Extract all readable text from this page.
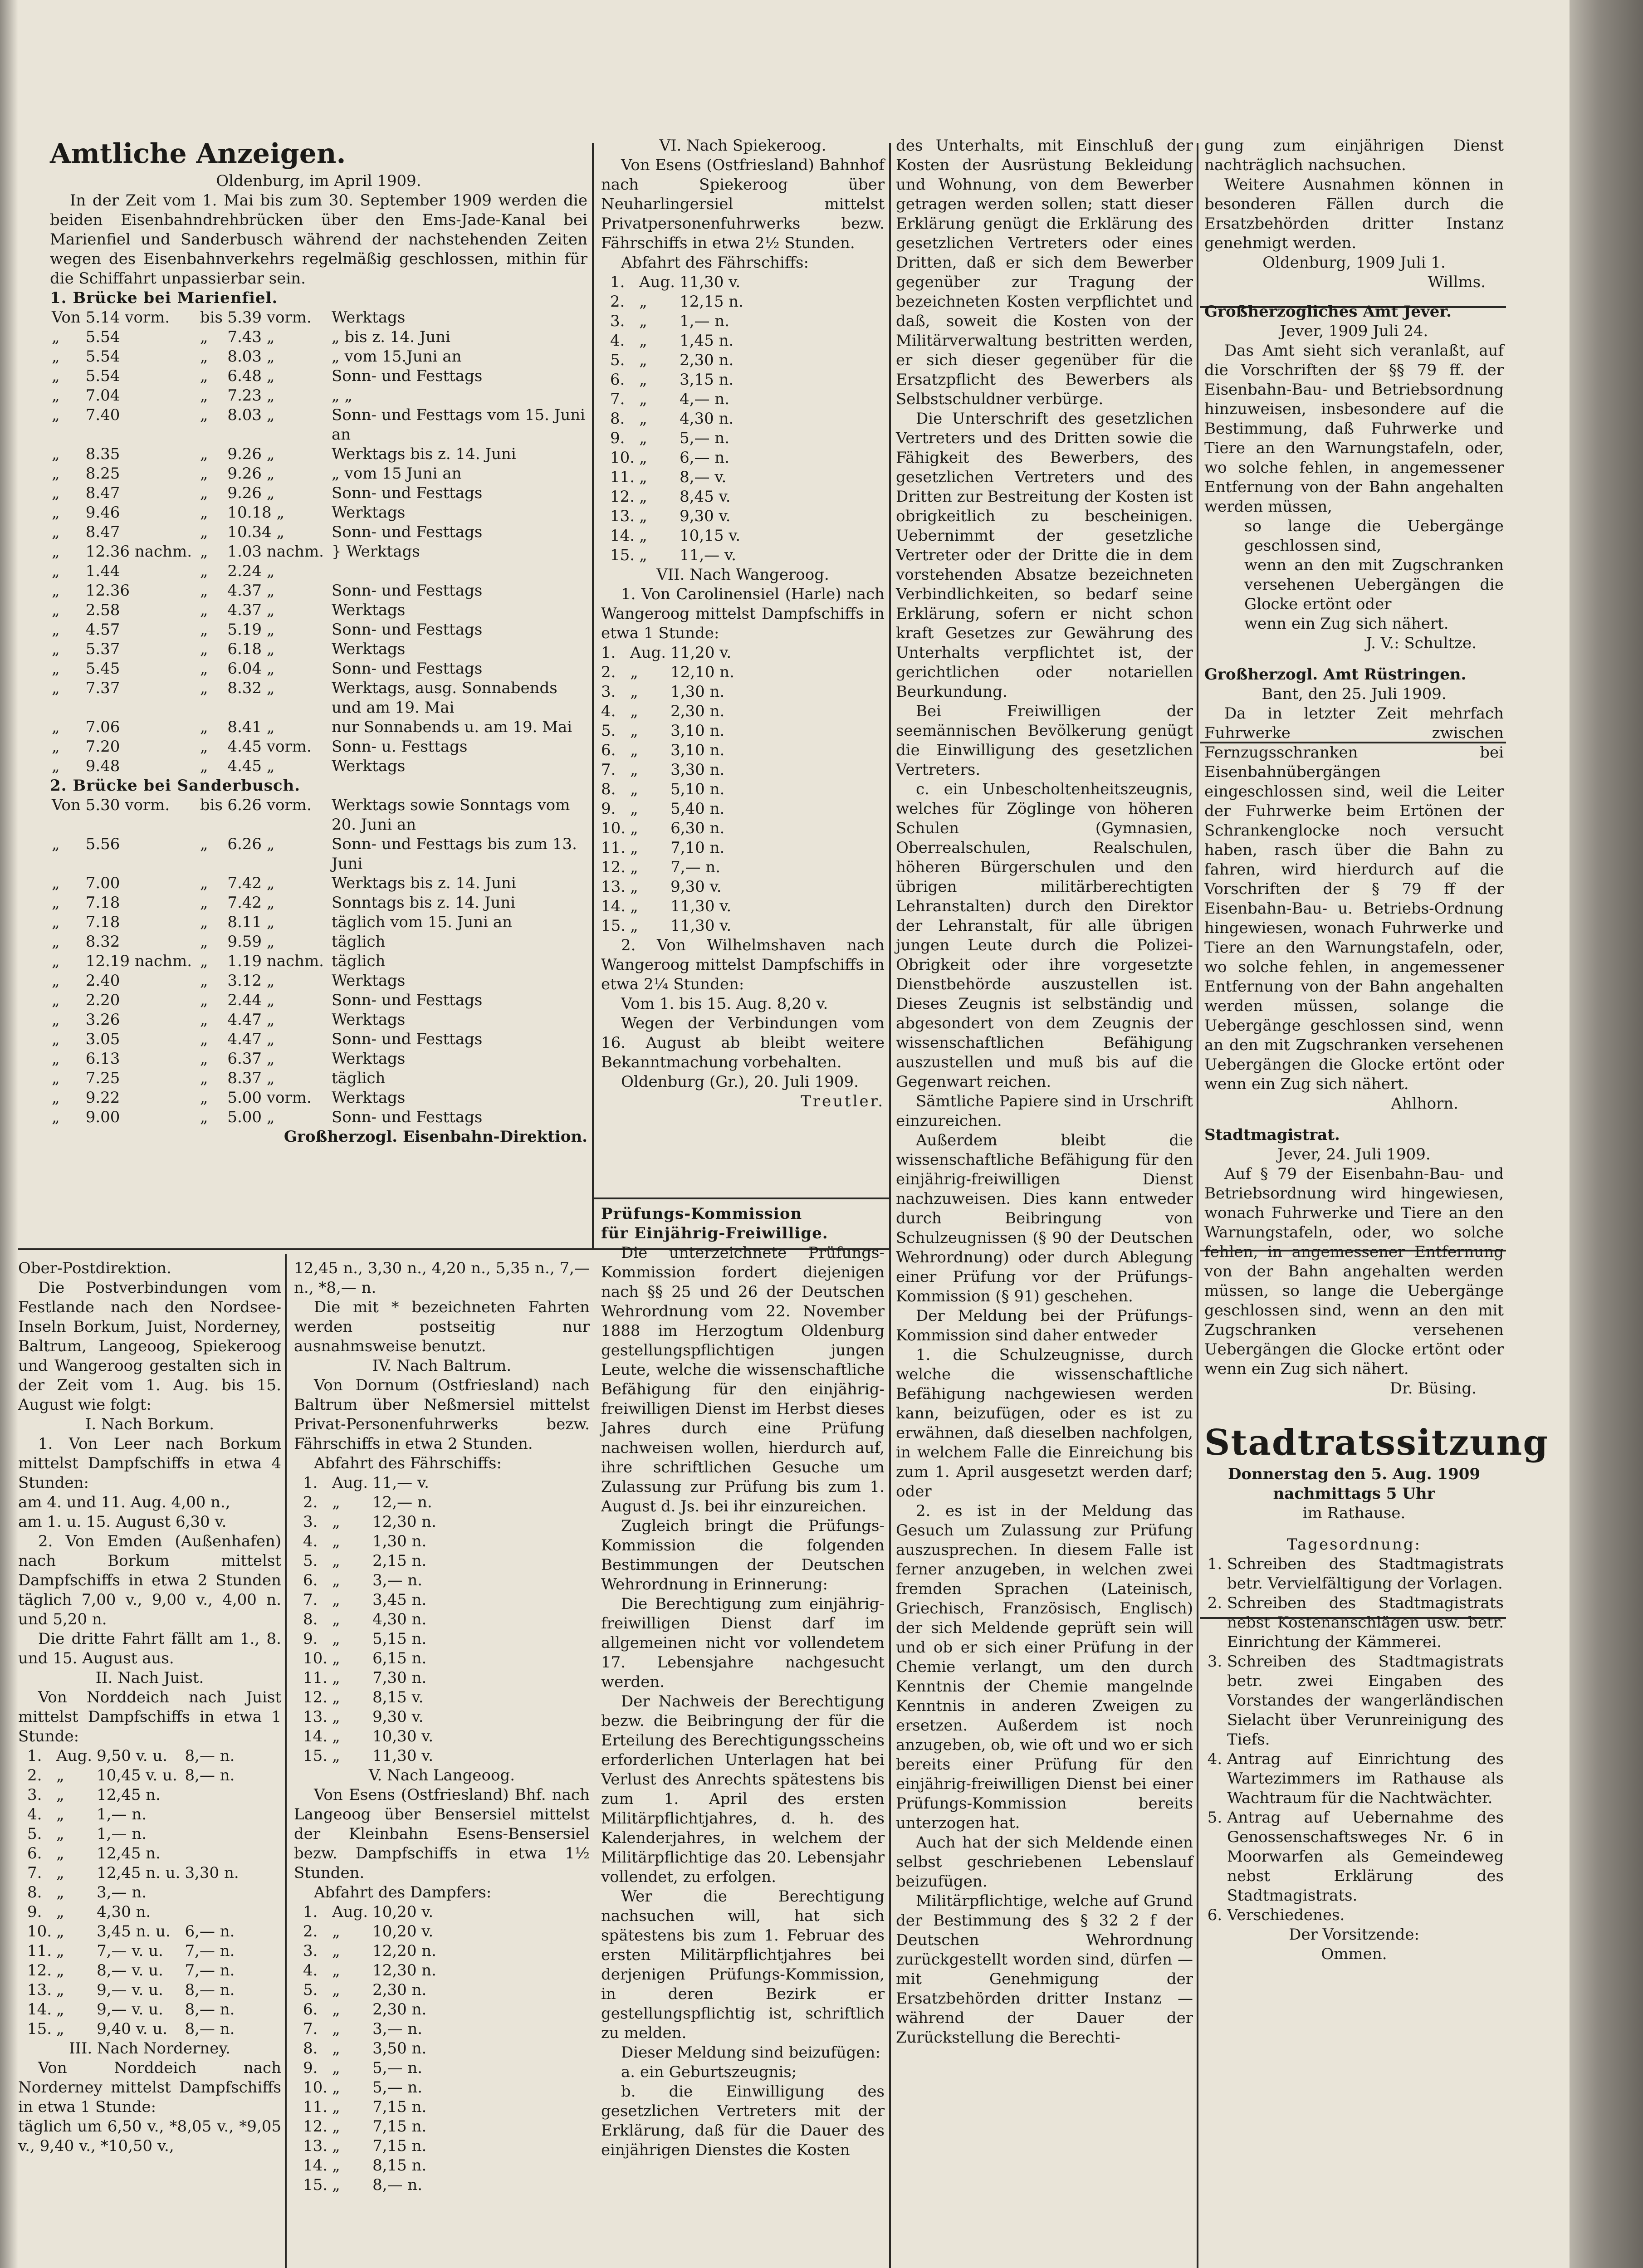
Amtliche Anzeigen.

Oldenburg, im April 1909.

In der Zeit vom 1. Mai bis zum 30. September 1909 werden die beiden Eisenbahndrehbrücken über den Ems-Jade-Kanal bei Marienfiel und Sanderbusch während der nachstehenden Zeiten wegen des Eisenbahnverkehrs regelmäßig geschlossen, mithin für die Schiffahrt unpassierbar sein.

1. Brücke bei Marienfiel.

Von	5.14 vorm.	bis	5.39 vorm.	Werktags
„	5.54	„	7.43 „	„ bis z. 14. Juni
„	5.54	„	8.03 „	„ vom 15.Juni an
„	5.54	„	6.48 „	Sonn- und Festtags
„	7.04	„	7.23 „	„ „
„	7.40	„	8.03 „	Sonn- und Festtags vom 15. Juni an
„	8.35	„	9.26 „	Werktags bis z. 14. Juni
„	8.25	„	9.26 „	„ vom 15 Juni an
„	8.47	„	9.26 „	Sonn- und Festtags
„	9.46	„	10.18 „	Werktags
„	8.47	„	10.34 „	Sonn- und Festtags
„	12.36 nachm.	„	1.03 nachm.	} Werktags
„	1.44	„	2.24 „	
„	12.36	„	4.37 „	Sonn- und Festtags
„	2.58	„	4.37 „	Werktags
„	4.57	„	5.19 „	Sonn- und Festtags
„	5.37	„	6.18 „	Werktags
„	5.45	„	6.04 „	Sonn- und Festtags
„	7.37	„	8.32 „	Werktags, ausg. Sonnabends und am 19. Mai
„	7.06	„	8.41 „	nur Sonnabends u. am 19. Mai
„	7.20	„	4.45 vorm.	Sonn- u. Festtags
„	9.48	„	4.45 „	Werktags

2. Brücke bei Sanderbusch.

Von	5.30 vorm.	bis	6.26 vorm.	Werktags sowie Sonntags vom 20. Juni an
„	5.56	„	6.26 „	Sonn- und Festtags bis zum 13. Juni
„	7.00	„	7.42 „	Werktags bis z. 14. Juni
„	7.18	„	7.42 „	Sonntags bis z. 14. Juni
„	7.18	„	8.11 „	täglich vom 15. Juni an
„	8.32	„	9.59 „	täglich
„	12.19 nachm.	„	1.19 nachm.	täglich
„	2.40	„	3.12 „	Werktags
„	2.20	„	2.44 „	Sonn- und Festtags
„	3.26	„	4.47 „	Werktags
„	3.05	„	4.47 „	Sonn- und Festtags
„	6.13	„	6.37 „	Werktags
„	7.25	„	8.37 „	täglich
„	9.22	„	5.00 vorm.	Werktags
„	9.00	„	5.00 „	Sonn- und Festtags

Großherzogl. Eisenbahn-Direktion.

VI. Nach Spiekeroog.

Von Esens (Ostfriesland) Bahnhof nach Spiekeroog über Neuharlingersiel mittelst Privatpersonenfuhrwerks bezw. Fährschiffs in etwa 2½ Stunden.

Abfahrt des Fährschiffs:

1.	Aug.	11,30 v.
2.	„	12,15 n.
3.	„	1,— n.
4.	„	1,45 n.
5.	„	2,30 n.
6.	„	3,15 n.
7.	„	4,— n.
8.	„	4,30 n.
9.	„	5,— n.
10.	„	6,— n.
11.	„	8,— v.
12.	„	8,45 v.
13.	„	9,30 v.
14.	„	10,15 v.
15.	„	11,— v.

VII. Nach Wangeroog.

1. Von Carolinensiel (Harle) nach Wangeroog mittelst Dampfschiffs in etwa 1 Stunde:

1.	Aug.	11,20 v.
2.	„	12,10 n.
3.	„	1,30 n.
4.	„	2,30 n.
5.	„	3,10 n.
6.	„	3,10 n.
7.	„	3,30 n.
8.	„	5,10 n.
9.	„	5,40 n.
10.	„	6,30 n.
11.	„	7,10 n.
12.	„	7,— n.
13.	„	9,30 v.
14.	„	11,30 v.
15.	„	11,30 v.

2. Von Wilhelmshaven nach Wangeroog mittelst Dampfschiffs in etwa 2¼ Stunden:

Vom 1. bis 15. Aug. 8,20 v.

Wegen der Verbindungen vom 16. August ab bleibt weitere Bekanntmachung vorbehalten.

Oldenburg (Gr.), 20. Juli 1909.

Treutler.

Prüfungs-Kommission

für Einjährig-Freiwillige.

Die unterzeichnete Prüfungs-Kommission fordert diejenigen nach §§ 25 und 26 der Deutschen Wehrordnung vom 22. November 1888 im Herzogtum Oldenburg gestellungspflichtigen jungen Leute, welche die wissenschaftliche Befähigung für den einjährig-freiwilligen Dienst im Herbst dieses Jahres durch eine Prüfung nachweisen wollen, hierdurch auf, ihre schriftlichen Gesuche um Zulassung zur Prüfung bis zum 1. August d. Js. bei ihr einzureichen.

Zugleich bringt die Prüfungs-Kommission die folgenden Bestimmungen der Deutschen Wehrordnung in Erinnerung:

Die Berechtigung zum einjährig-freiwilligen Dienst darf im allgemeinen nicht vor vollendetem 17. Lebensjahre nachgesucht werden.

Der Nachweis der Berechtigung bezw. die Beibringung der für die Erteilung des Berechtigungsscheins erforderlichen Unterlagen hat bei Verlust des Anrechts spätestens bis zum 1. April des ersten Militärpflichtjahres, d. h. des Kalenderjahres, in welchem der Militärpflichtige das 20. Lebensjahr vollendet, zu erfolgen.

Wer die Berechtigung nachsuchen will, hat sich spätestens bis zum 1. Februar des ersten Militärpflichtjahres bei derjenigen Prüfungs-Kommission, in deren Bezirk er gestellungspflichtig ist, schriftlich zu melden.

Dieser Meldung sind beizufügen:

a. ein Geburtszeugnis;

b. die Einwilligung des gesetzlichen Vertreters mit der Erklärung, daß für die Dauer des einjährigen Dienstes die Kosten

Ober-Postdirektion.

Die Postverbindungen vom Festlande nach den Nordsee-Inseln Borkum, Juist, Norderney, Baltrum, Langeoog, Spiekeroog und Wangeroog gestalten sich in der Zeit vom 1. Aug. bis 15. August wie folgt:

I. Nach Borkum.

1. Von Leer nach Borkum mittelst Dampfschiffs in etwa 4 Stunden:

am 4. und 11. Aug. 4,00 n.,

am 1. u. 15. August 6,30 v.

2. Von Emden (Außenhafen) nach Borkum mittelst Dampfschiffs in etwa 2 Stunden täglich 7,00 v., 9,00 v., 4,00 n. und 5,20 n.

Die dritte Fahrt fällt am 1., 8. und 15. August aus.

II. Nach Juist.

Von Norddeich nach Juist mittelst Dampfschiffs in etwa 1 Stunde:

1.	Aug.	9,50 v. u.	8,— n.
2.	„	10,45 v. u.	8,— n.
3.	„	12,45 n.	
4.	„	1,— n.	
5.	„	1,— n.	
6.	„	12,45 n.	
7.	„	12,45 n. u.	3,30 n.
8.	„	3,— n.	
9.	„	4,30 n.	
10.	„	3,45 n. u.	6,— n.
11.	„	7,— v. u.	7,— n.
12.	„	8,— v. u.	7,— n.
13.	„	9,— v. u.	8,— n.
14.	„	9,— v. u.	8,— n.
15.	„	9,40 v. u.	8,— n.

III. Nach Norderney.

Von Norddeich nach Norderney mittelst Dampfschiffs in etwa 1 Stunde:

täglich um 6,50 v., *8,05 v., *9,05 v., 9,40 v., *10,50 v.,

12,45 n., 3,30 n., 4,20 n., 5,35 n., 7,— n., *8,— n.

Die mit * bezeichneten Fahrten werden postseitig nur ausnahmsweise benutzt.

IV. Nach Baltrum.

Von Dornum (Ostfriesland) nach Baltrum über Neßmersiel mittelst Privat-Personenfuhrwerks bezw. Fährschiffs in etwa 2 Stunden.

Abfahrt des Fährschiffs:

1.	Aug.	11,— v.
2.	„	12,— n.
3.	„	12,30 n.
4.	„	1,30 n.
5.	„	2,15 n.
6.	„	3,— n.
7.	„	3,45 n.
8.	„	4,30 n.
9.	„	5,15 n.
10.	„	6,15 n.
11.	„	7,30 n.
12.	„	8,15 v.
13.	„	9,30 v.
14.	„	10,30 v.
15.	„	11,30 v.

V. Nach Langeoog.

Von Esens (Ostfriesland) Bhf. nach Langeoog über Bensersiel mittelst der Kleinbahn Esens-Bensersiel bezw. Dampfschiffs in etwa 1½ Stunden.

Abfahrt des Dampfers:

1.	Aug.	10,20 v.
2.	„	10,20 v.
3.	„	12,20 n.
4.	„	12,30 n.
5.	„	2,30 n.
6.	„	2,30 n.
7.	„	3,— n.
8.	„	3,50 n.
9.	„	5,— n.
10.	„	5,— n.
11.	„	7,15 n.
12.	„	7,15 n.
13.	„	7,15 n.
14.	„	8,15 n.
15.	„	8,— n.

des Unterhalts, mit Einschluß der Kosten der Ausrüstung Bekleidung und Wohnung, von dem Bewerber getragen werden sollen; statt dieser Erklärung genügt die Erklärung des gesetzlichen Vertreters oder eines Dritten, daß er sich dem Bewerber gegenüber zur Tragung der bezeichneten Kosten verpflichtet und daß, soweit die Kosten von der Militärverwaltung bestritten werden, er sich dieser gegenüber für die Ersatzpflicht des Bewerbers als Selbstschuldner verbürge.

Die Unterschrift des gesetzlichen Vertreters und des Dritten sowie die Fähigkeit des Bewerbers, des gesetzlichen Vertreters und des Dritten zur Bestreitung der Kosten ist obrigkeitlich zu bescheinigen. Uebernimmt der gesetzliche Vertreter oder der Dritte die in dem vorstehenden Absatze bezeichneten Verbindlichkeiten, so bedarf seine Erklärung, sofern er nicht schon kraft Gesetzes zur Gewährung des Unterhalts verpflichtet ist, der gerichtlichen oder notariellen Beurkundung.

Bei Freiwilligen der seemännischen Bevölkerung genügt die Einwilligung des gesetzlichen Vertreters.

c. ein Unbescholtenheitszeugnis, welches für Zöglinge von höheren Schulen (Gymnasien, Oberrealschulen, Realschulen, höheren Bürgerschulen und den übrigen militärberechtigten Lehranstalten) durch den Direktor der Lehranstalt, für alle übrigen jungen Leute durch die Polizei-Obrigkeit oder ihre vorgesetzte Dienstbehörde auszustellen ist. Dieses Zeugnis ist selbständig und abgesondert von dem Zeugnis der wissenschaftlichen Befähigung auszustellen und muß bis auf die Gegenwart reichen.

Sämtliche Papiere sind in Urschrift einzureichen.

Außerdem bleibt die wissenschaftliche Befähigung für den einjährig-freiwilligen Dienst nachzuweisen. Dies kann entweder durch Beibringung von Schulzeugnissen (§ 90 der Deutschen Wehrordnung) oder durch Ablegung einer Prüfung vor der Prüfungs-Kommission (§ 91) geschehen.

Der Meldung bei der Prüfungs-Kommission sind daher entweder

1. die Schulzeugnisse, durch welche die wissenschaftliche Befähigung nachgewiesen werden kann, beizufügen, oder es ist zu erwähnen, daß dieselben nachfolgen, in welchem Falle die Einreichung bis zum 1. April ausgesetzt werden darf; oder

2. es ist in der Meldung das Gesuch um Zulassung zur Prüfung auszusprechen. In diesem Falle ist ferner anzugeben, in welchen zwei fremden Sprachen (Lateinisch, Griechisch, Französisch, Englisch) der sich Meldende geprüft sein will und ob er sich einer Prüfung in der Chemie verlangt, um den durch Kenntnis der Chemie mangelnde Kenntnis in anderen Zweigen zu ersetzen. Außerdem ist noch anzugeben, ob, wie oft und wo er sich bereits einer Prüfung für den einjährig-freiwilligen Dienst bei einer Prüfungs-Kommission bereits unterzogen hat.

Auch hat der sich Meldende einen selbst geschriebenen Lebenslauf beizufügen.

Militärpflichtige, welche auf Grund der Bestimmung des § 32 2 f der Deutschen Wehrordnung zurückgestellt worden sind, dürfen — mit Genehmigung der Ersatzbehörden dritter Instanz — während der Dauer der Zurückstellung die Berechti-

gung zum einjährigen Dienst nachträglich nachsuchen.

Weitere Ausnahmen können in besonderen Fällen durch die Ersatzbehörden dritter Instanz genehmigt werden.

Oldenburg, 1909 Juli 1.

Willms.

Großherzogliches Amt Jever.

Jever, 1909 Juli 24.

Das Amt sieht sich veranlaßt, auf die Vorschriften der §§ 79 ff. der Eisenbahn-Bau- und Betriebsordnung hinzuweisen, insbesondere auf die Bestimmung, daß Fuhrwerke und Tiere an den Warnungstafeln, oder, wo solche fehlen, in angemessener Entfernung von der Bahn angehalten werden müssen,

so lange die Uebergänge geschlossen sind,

wenn an den mit Zugschranken versehenen Uebergängen die Glocke ertönt oder

wenn ein Zug sich nähert.

J. V.: Schultze.

Großherzogl. Amt Rüstringen.

Bant, den 25. Juli 1909.

Da in letzter Zeit mehrfach Fuhrwerke zwischen Fernzugsschranken bei Eisenbahnübergängen eingeschlossen sind, weil die Leiter der Fuhrwerke beim Ertönen der Schrankenglocke noch versucht haben, rasch über die Bahn zu fahren, wird hierdurch auf die Vorschriften der § 79 ff der Eisenbahn-Bau- u. Betriebs-Ordnung hingewiesen, wonach Fuhrwerke und Tiere an den Warnungstafeln, oder, wo solche fehlen, in angemessener Entfernung von der Bahn angehalten werden müssen, solange die Uebergänge geschlossen sind, wenn an den mit Zugschranken versehenen Uebergängen die Glocke ertönt oder wenn ein Zug sich nähert.

Ahlhorn.

Stadtmagistrat.

Jever, 24. Juli 1909.

Auf § 79 der Eisenbahn-Bau- und Betriebsordnung wird hingewiesen, wonach Fuhrwerke und Tiere an den Warnungstafeln, oder, wo solche fehlen, in angemessener Entfernung von der Bahn angehalten werden müssen, so lange die Uebergänge geschlossen sind, wenn an den mit Zugschranken versehenen Uebergängen die Glocke ertönt oder wenn ein Zug sich nähert.

Dr. Büsing.

Stadtratssitzung

Donnerstag den 5. Aug. 1909

nachmittags 5 Uhr

im Rathause.

Tagesordnung:

1. Schreiben des Stadtmagistrats betr. Vervielfältigung der Vorlagen.
2. Schreiben des Stadtmagistrats nebst Kostenanschlägen usw. betr. Einrichtung der Kämmerei.
3. Schreiben des Stadtmagistrats betr. zwei Eingaben des Vorstandes der wangerländischen Sielacht über Verunreinigung des Tiefs.
4. Antrag auf Einrichtung des Wartezimmers im Rathause als Wachtraum für die Nachtwächter.
5. Antrag auf Uebernahme des Genossenschaftsweges Nr. 6 in Moorwarfen als Gemeindeweg nebst Erklärung des Stadtmagistrats.
6. Verschiedenes.

Der Vorsitzende:

Ommen.
